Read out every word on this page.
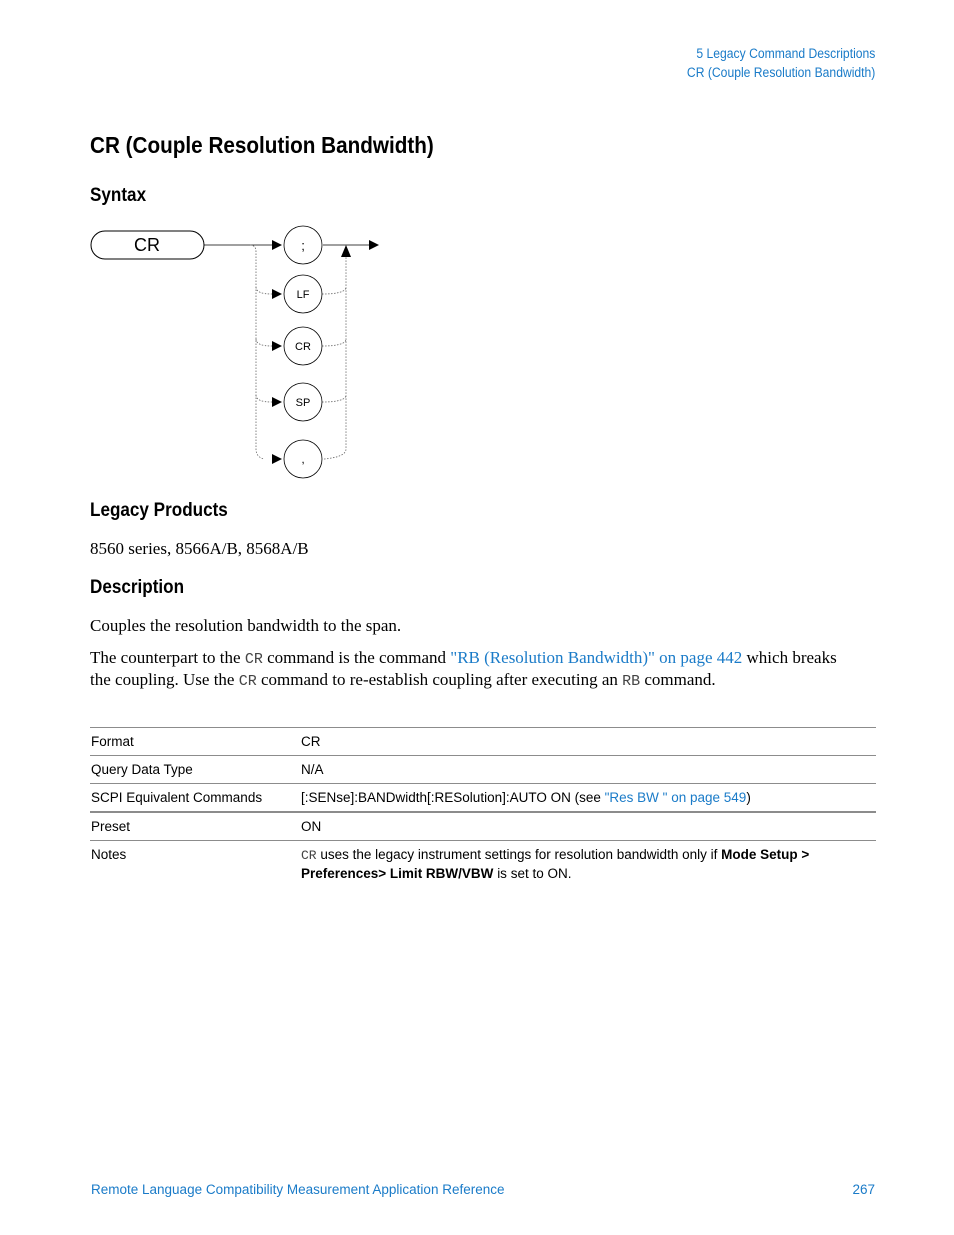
5 Legacy Command Descriptions
CR (Couple Resolution Bandwidth)
CR (Couple Resolution Bandwidth)
Syntax
CR	;
LF
CR
SP
,
Legacy Products

8560 series, 8566A/B, 8568A/B

Description

Couples the resolution bandwidth to the span.

The counterpart to the CR command is the command "RB (Resolution Bandwidth)" on page 442 which breaks the coupling. Use the CR command to re-establish coupling after executing an RB command.

Format	CR
Query Data Type	N/A
SCPI Equivalent Commands	[:SENse]:BANDwidth[:RESolution]:AUTO ON (see "Res BW " on page 549)
Preset	ON
Notes	CR uses the legacy instrument settings for resolution bandwidth only if Mode Setup > Preferences> Limit RBW/VBW is set to ON.
Remote Language Compatibility Measurement Application Reference	267
